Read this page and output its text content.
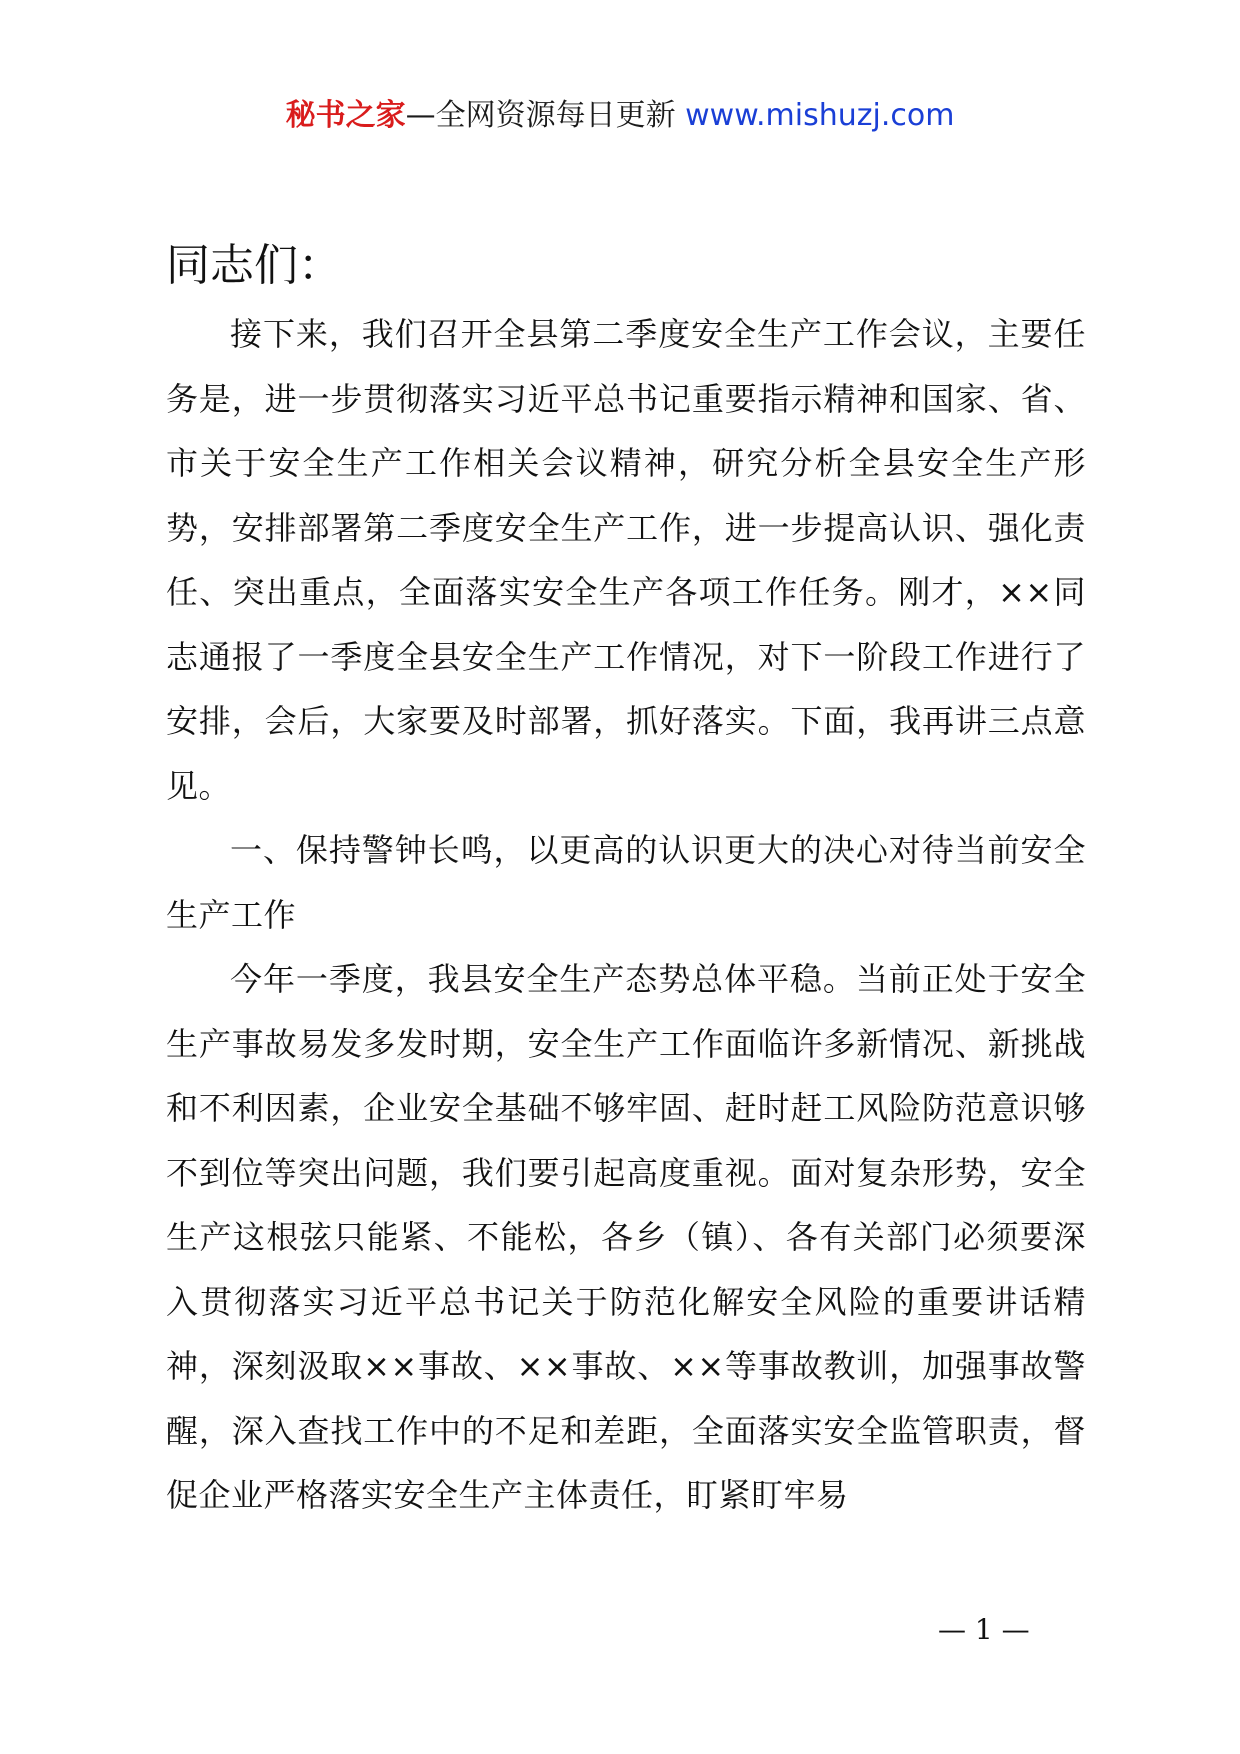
秘书之家—全网资源每日更新 www.mishuzj.com
同志们：

接下来，我们召开全县第二季度安全生产工作会议，主要任务是，进一步贯彻落实习近平总书记重要指示精神和国家、省、市关于安全生产工作相关会议精神，研究分析全县安全生产形势，安排部署第二季度安全生产工作，进一步提高认识、强化责任、突出重点，全面落实安全生产各项工作任务。刚才，××同志通报了一季度全县安全生产工作情况，对下一阶段工作进行了安排，会后，大家要及时部署，抓好落实。下面，我再讲三点意见。

一、保持警钟长鸣，以更高的认识更大的决心对待当前安全生产工作

今年一季度，我县安全生产态势总体平稳。当前正处于安全生产事故易发多发时期，安全生产工作面临许多新情况、新挑战和不利因素，企业安全基础不够牢固、赶时赶工风险防范意识够不到位等突出问题，我们要引起高度重视。面对复杂形势，安全生产这根弦只能紧、不能松，各乡（镇）、各有关部门必须要深入贯彻落实习近平总书记关于防范化解安全风险的重要讲话精神，深刻汲取××事故、××事故、××等事故教训，加强事故警醒，深入查找工作中的不足和差距，全面落实安全监管职责，督促企业严格落实安全生产主体责任，盯紧盯牢易

— 1 —
